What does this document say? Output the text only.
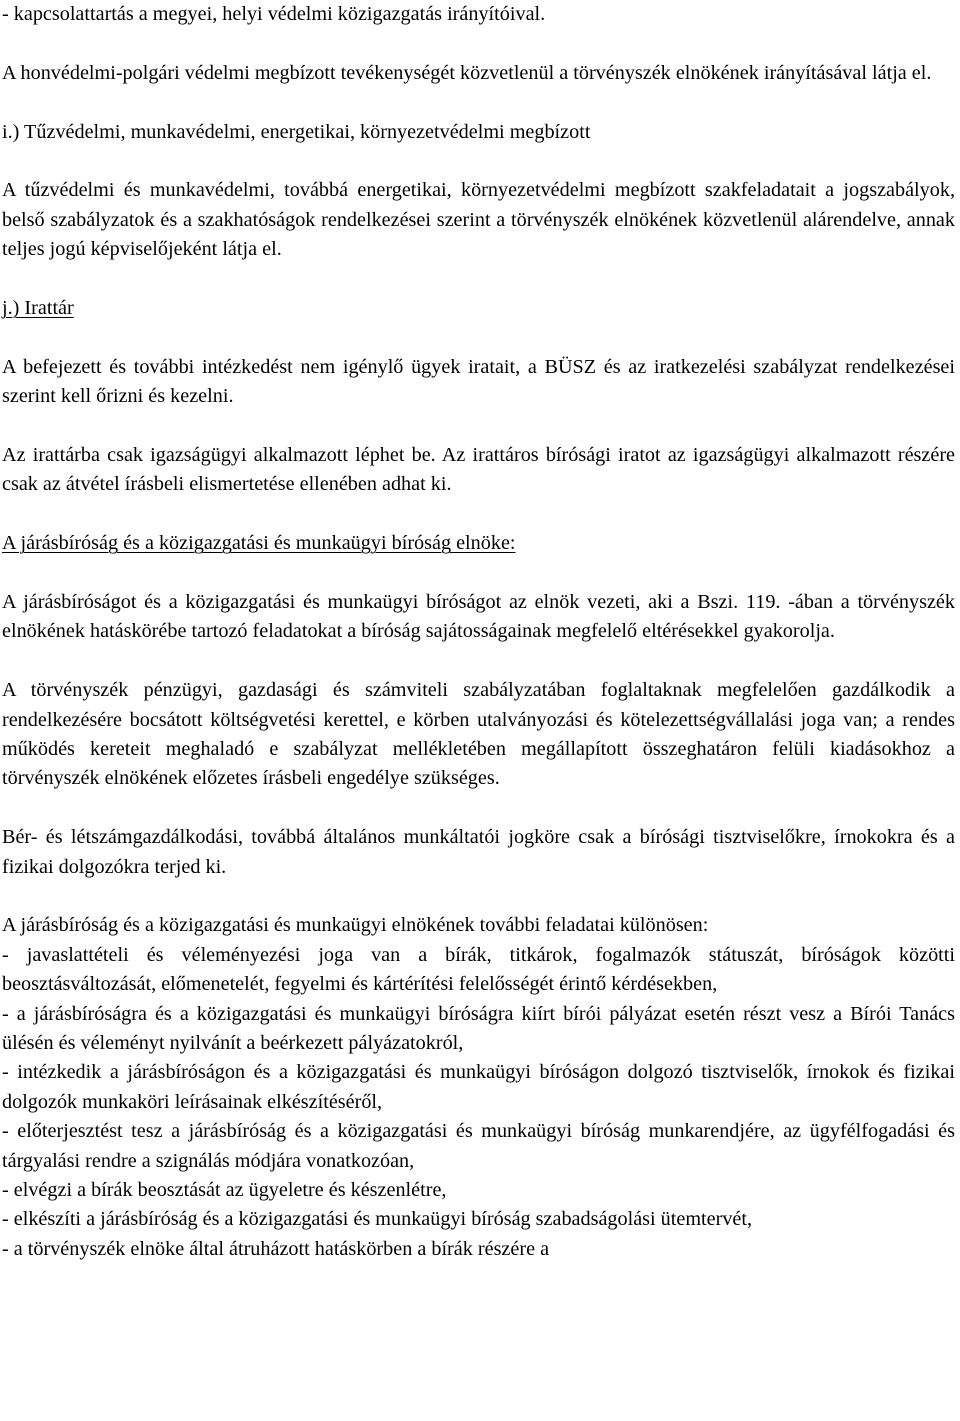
- kapcsolattartás a megyei, helyi védelmi közigazgatás irányítóival.

A honvédelmi-polgári védelmi megbízott tevékenységét közvetlenül a törvényszék elnökének irányításával látja el.

i.) Tűzvédelmi, munkavédelmi, energetikai, környezetvédelmi megbízott

A tűzvédelmi és munkavédelmi, továbbá energetikai, környezetvédelmi megbízott szakfeladatait a jogszabályok, belső szabályzatok és a szakhatóságok rendelkezései szerint a törvényszék elnökének közvetlenül alárendelve, annak teljes jogú képviselőjeként látja el.

j.) Irattár

A befejezett és további intézkedést nem igénylő ügyek iratait, a BÜSZ és az iratkezelési szabályzat rendelkezései szerint kell őrizni és kezelni.

Az irattárba csak igazságügyi alkalmazott léphet be. Az irattáros bírósági iratot az igazságügyi alkalmazott részére csak az átvétel írásbeli elismertetése ellenében adhat ki.

A járásbíróság és a közigazgatási és munkaügyi bíróság elnöke:

A járásbíróságot és a közigazgatási és munkaügyi bíróságot az elnök vezeti, aki a Bszi. 119. -ában a törvényszék elnökének hatáskörébe tartozó feladatokat a bíróság sajátosságainak megfelelő eltérésekkel gyakorolja.

A törvényszék pénzügyi, gazdasági és számviteli szabályzatában foglaltaknak megfelelően gazdálkodik a rendelkezésére bocsátott költségvetési kerettel, e körben utalványozási és kötelezettségvállalási joga van; a rendes működés kereteit meghaladó e szabályzat mellékletében megállapított összeghatáron felüli kiadásokhoz a törvényszék elnökének előzetes írásbeli engedélye szükséges.

Bér- és létszámgazdálkodási, továbbá általános munkáltatói jogköre csak a bírósági tisztviselőkre, írnokokra és a fizikai dolgozókra terjed ki.

A járásbíróság és a közigazgatási és munkaügyi elnökének további feladatai különösen:

- javaslattételi és véleményezési joga van a bírák, titkárok, fogalmazók státuszát, bíróságok közötti beosztásváltozását, előmenetelét, fegyelmi és kártérítési felelősségét érintő kérdésekben,
- a járásbíróságra és a közigazgatási és munkaügyi bíróságra kiírt bírói pályázat esetén részt vesz a Bírói Tanács ülésén és véleményt nyilvánít a beérkezett pályázatokról,
- intézkedik a járásbíróságon és a közigazgatási és munkaügyi bíróságon dolgozó tisztviselők, írnokok és fizikai dolgozók munkaköri leírásainak elkészítéséről,
- előterjesztést tesz a járásbíróság és a közigazgatási és munkaügyi bíróság munkarendjére, az ügyfélfogadási és tárgyalási rendre a szignálás módjára vonatkozóan,
- elvégzi a bírák beosztását az ügyeletre és készenlétre,
- elkészíti a járásbíróság és a közigazgatási és munkaügyi bíróság szabadságolási ütemtervét,
- a törvényszék elnöke által átruházott hatáskörben a bírák részére a
